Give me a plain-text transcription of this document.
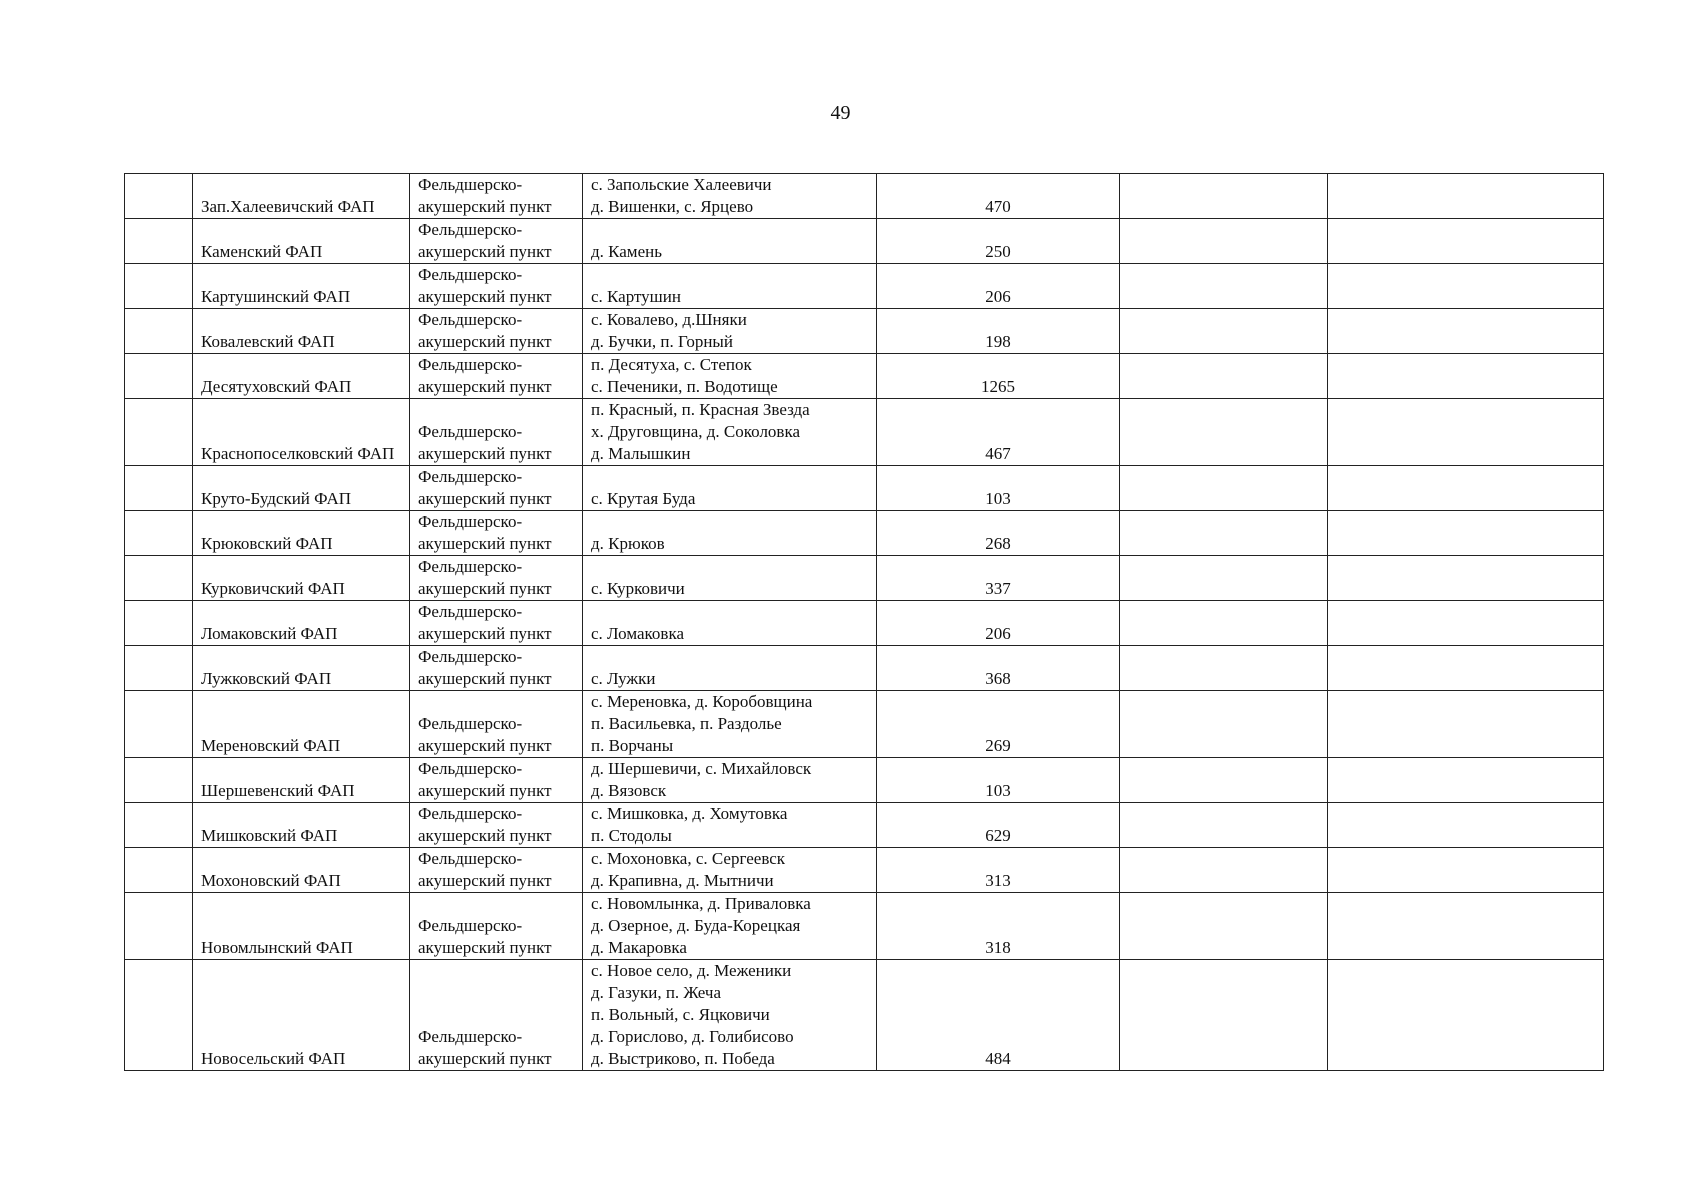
49
	Зап.Халеевичский ФАП	Фельдшерско-
акушерский пункт	с. Запольские Халеевичи
д. Вишенки, с. Ярцево	470		
	Каменский ФАП	Фельдшерско-
акушерский пункт	д. Камень	250		
	Картушинский ФАП	Фельдшерско-
акушерский пункт	с. Картушин	206		
	Ковалевский ФАП	Фельдшерско-
акушерский пункт	с. Ковалево, д.Шняки
д. Бучки, п. Горный	198		
	Десятуховский ФАП	Фельдшерско-
акушерский пункт	п. Десятуха, с. Степок
с. Печеники, п. Водотище	1265		
	Краснопоселковский ФАП	Фельдшерско-
акушерский пункт	п. Красный, п. Красная Звезда
х. Друговщина, д. Соколовка
д. Малышкин	467		
	Круто-Будский ФАП	Фельдшерско-
акушерский пункт	с. Крутая Буда	103		
	Крюковский ФАП	Фельдшерско-
акушерский пункт	д. Крюков	268		
	Курковичский ФАП	Фельдшерско-
акушерский пункт	с. Курковичи	337		
	Ломаковский ФАП	Фельдшерско-
акушерский пункт	с. Ломаковка	206		
	Лужковский ФАП	Фельдшерско-
акушерский пункт	с. Лужки	368		
	Мереновский ФАП	Фельдшерско-
акушерский пункт	с. Мереновка, д. Коробовщина
п. Васильевка, п. Раздолье
п. Ворчаны	269		
	Шершевенский ФАП	Фельдшерско-
акушерский пункт	д. Шершевичи, с. Михайловск
д. Вязовск	103		
	Мишковский ФАП	Фельдшерско-
акушерский пункт	с. Мишковка, д. Хомутовка
п. Стодолы	629		
	Мохоновский ФАП	Фельдшерско-
акушерский пункт	с. Мохоновка, с. Сергеевск
д. Крапивна, д. Мытничи	313		
	Новомлынский ФАП	Фельдшерско-
акушерский пункт	с. Новомлынка, д. Приваловка
д. Озерное, д. Буда-Корецкая
д. Макаровка	318		
	Новосельский ФАП	Фельдшерско-
акушерский пункт	с. Новое село, д. Меженики
д. Газуки, п. Жеча
п. Вольный, с. Яцковичи
д. Горислово, д. Голибисово
д. Выстриково, п. Победа	484		
